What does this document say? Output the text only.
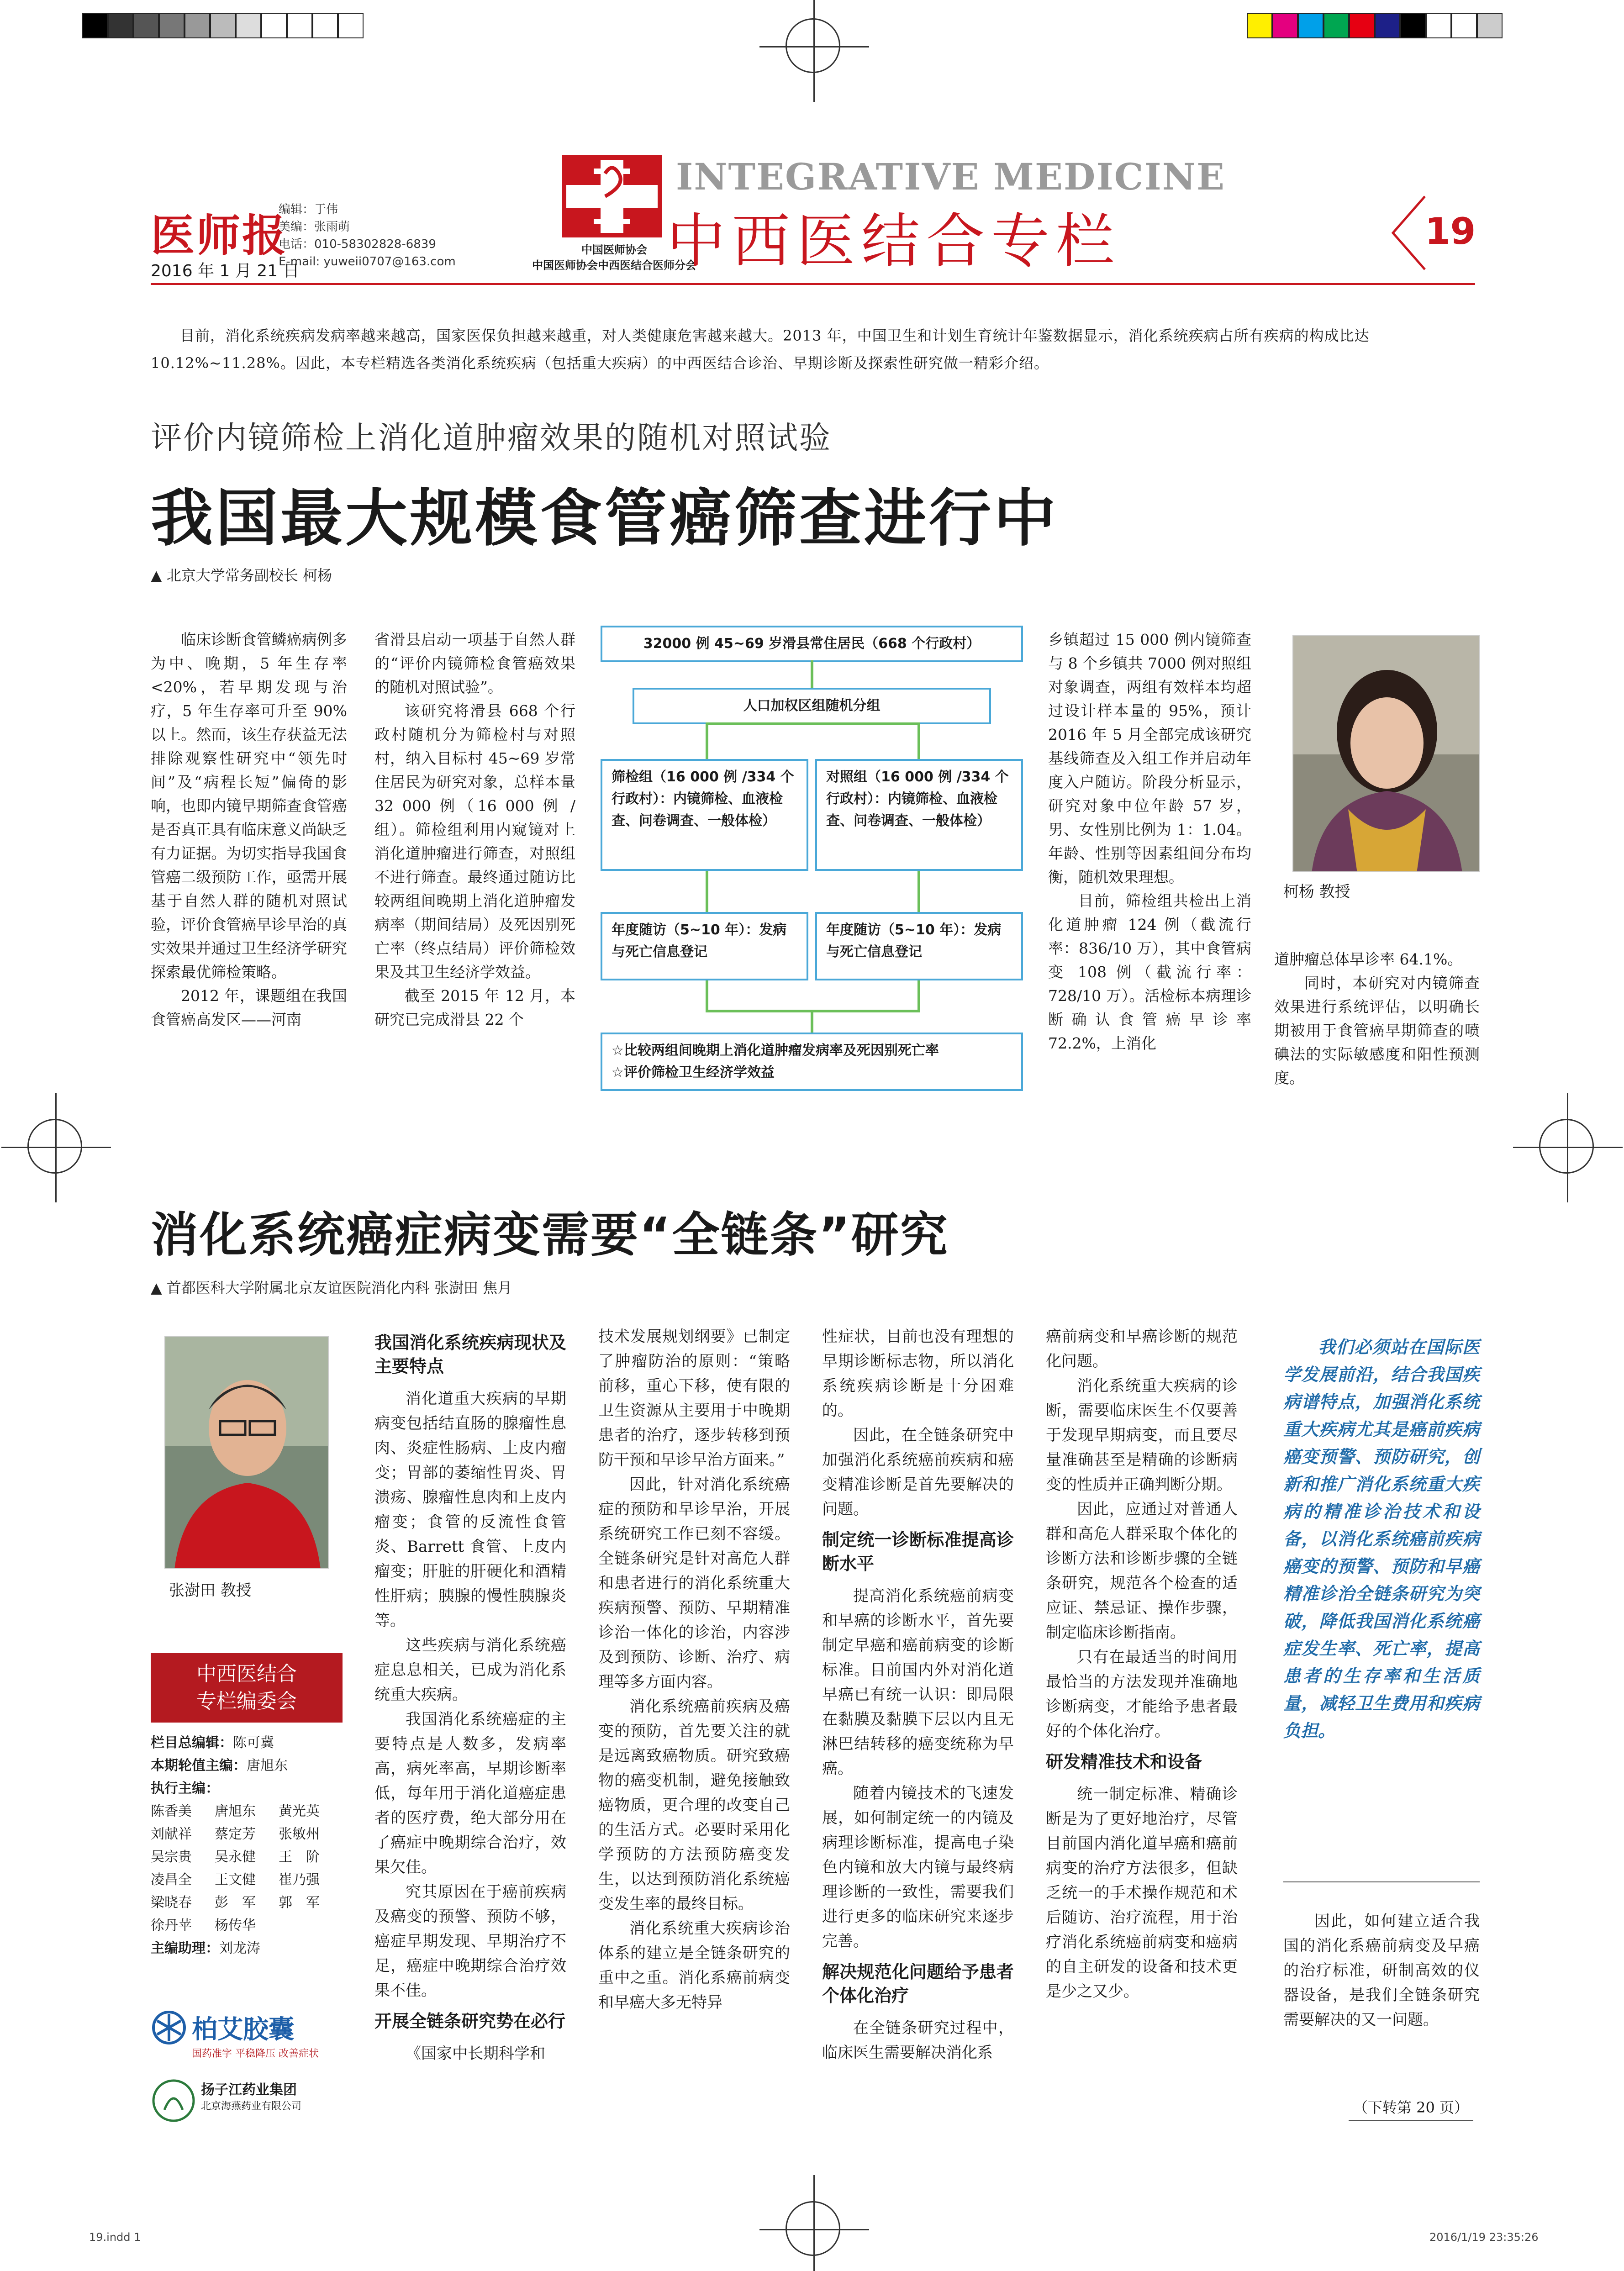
医师报
2016 年 1 月 21 日
编辑：于伟
美编：张雨萌
电话：010-58302828-6839
E-mail: yuweii0707@163.com
中国医师协会
中国医师协会中西医结合医师分会
INTEGRATIVE MEDICINE
中西医结合专栏	19
目前，消化系统疾病发病率越来越高，国家医保负担越来越重，对人类健康危害越来越大。2013 年，中国卫生和计划生育统计年鉴数据显示，消化系统疾病占所有疾病的构成比达 10.12%~11.28%。因此，本专栏精选各类消化系统疾病（包括重大疾病）的中西医结合诊治、早期诊断及探索性研究做一精彩介绍。
评价内镜筛检上消化道肿瘤效果的随机对照试验
我国最大规模食管癌筛查进行中
▲ 北京大学常务副校长 柯杨

临床诊断食管鳞癌病例多为中、晚期，5 年生存率 <20%，若早期发现与治疗，5 年生存率可升至 90% 以上。然而，该生存获益无法排除观察性研究中“领先时间”及“病程长短”偏倚的影响，也即内镜早期筛查食管癌是否真正具有临床意义尚缺乏有力证据。为切实指导我国食管癌二级预防工作，亟需开展基于自然人群的随机对照试验，评价食管癌早诊早治的真实效果并通过卫生经济学研究探索最优筛检策略。

2012 年，课题组在我国食管癌高发区——河南

省滑县启动一项基于自然人群的“评价内镜筛检食管癌效果的随机对照试验”。

该研究将滑县 668 个行政村随机分为筛检村与对照村，纳入目标村 45~69 岁常住居民为研究对象，总样本量 32 000 例（16 000 例 / 组）。筛检组利用内窥镜对上消化道肿瘤进行筛查，对照组不进行筛查。最终通过随访比较两组间晚期上消化道肿瘤发病率（期间结局）及死因别死亡率（终点结局）评价筛检效果及其卫生经济学效益。

截至 2015 年 12 月，本研究已完成滑县 22 个

32000 例 45~69 岁滑县常住居民（668 个行政村）
人口加权区组随机分组
筛检组（16 000 例 /334 个行政村）：内镜筛检、血液检查、问卷调查、一般体检）
对照组（16 000 例 /334 个行政村）：内镜筛检、血液检查、问卷调查、一般体检）
年度随访（5~10 年）：发病与死亡信息登记
年度随访（5~10 年）：发病与死亡信息登记
☆比较两组间晚期上消化道肿瘤发病率及死因别死亡率
☆评价筛检卫生经济学效益

乡镇超过 15 000 例内镜筛查与 8 个乡镇共 7000 例对照组对象调查，两组有效样本均超过设计样本量的 95%，预计 2016 年 5 月全部完成该研究基线筛查及入组工作并启动年度入户随访。阶段分析显示，研究对象中位年龄 57 岁，男、女性别比例为 1：1.04。年龄、性别等因素组间分布均衡，随机效果理想。

目前，筛检组共检出上消化道肿瘤 124 例（截流行率：836/10 万），其中食管病变 108 例（截流行率：728/10 万）。活检标本病理诊断确认食管癌早诊率 72.2%，上消化

柯杨 教授

道肿瘤总体早诊率 64.1%。

同时，本研究对内镜筛查效果进行系统评估，以明确长期被用于食管癌早期筛查的喷碘法的实际敏感度和阳性预测度。

消化系统癌症病变需要“全链条”研究
▲ 首都医科大学附属北京友谊医院消化内科 张澍田 焦月
张澍田 教授
我国消化系统疾病现状及主要特点

消化道重大疾病的早期病变包括结直肠的腺瘤性息肉、炎症性肠病、上皮内瘤变；胃部的萎缩性胃炎、胃溃疡、腺瘤性息肉和上皮内瘤变；食管的反流性食管炎、Barrett 食管、上皮内瘤变；肝脏的肝硬化和酒精性肝病；胰腺的慢性胰腺炎等。

这些疾病与消化系统癌症息息相关，已成为消化系统重大疾病。

我国消化系统癌症的主要特点是人数多，发病率高，病死率高，早期诊断率低，每年用于消化道癌症患者的医疗费，绝大部分用在了癌症中晚期综合治疗，效果欠佳。

究其原因在于癌前疾病及癌变的预警、预防不够，癌症早期发现、早期治疗不足，癌症中晚期综合治疗效果不佳。

开展全链条研究势在必行

《国家中长期科学和

技术发展规划纲要》已制定了肿瘤防治的原则：“策略前移，重心下移，使有限的卫生资源从主要用于中晚期患者的治疗，逐步转移到预防干预和早诊早治方面来。”

因此，针对消化系统癌症的预防和早诊早治，开展系统研究工作已刻不容缓。全链条研究是针对高危人群和患者进行的消化系统重大疾病预警、预防、早期精准诊治一体化的诊治，内容涉及到预防、诊断、治疗、病理等多方面内容。

消化系统癌前疾病及癌变的预防，首先要关注的就是远离致癌物质。研究致癌物的癌变机制，避免接触致癌物质，更合理的改变自己的生活方式。必要时采用化学预防的方法预防癌变发生，以达到预防消化系统癌变发生率的最终目标。

消化系统重大疾病诊治体系的建立是全链条研究的重中之重。消化系癌前病变和早癌大多无特异

性症状，目前也没有理想的早期诊断标志物，所以消化系统疾病诊断是十分困难的。

因此，在全链条研究中加强消化系统癌前疾病和癌变精准诊断是首先要解决的问题。

制定统一诊断标准提高诊断水平

提高消化系统癌前病变和早癌的诊断水平，首先要制定早癌和癌前病变的诊断标准。目前国内外对消化道早癌已有统一认识：即局限在黏膜及黏膜下层以内且无淋巴结转移的癌变统称为早癌。

随着内镜技术的飞速发展，如何制定统一的内镜及病理诊断标准，提高电子染色内镜和放大内镜与最终病理诊断的一致性，需要我们进行更多的临床研究来逐步完善。

解决规范化问题给予患者个体化治疗

在全链条研究过程中，临床医生需要解决消化系

癌前病变和早癌诊断的规范化问题。

消化系统重大疾病的诊断，需要临床医生不仅要善于发现早期病变，而且要尽量准确甚至是精确的诊断病变的性质并正确判断分期。

因此，应通过对普通人群和高危人群采取个体化的诊断方法和诊断步骤的全链条研究，规范各个检查的适应证、禁忌证、操作步骤，制定临床诊断指南。

只有在最适当的时间用最恰当的方法发现并准确地诊断病变，才能给予患者最好的个体化治疗。

研发精准技术和设备

统一制定标准、精确诊断是为了更好地治疗，尽管目前国内消化道早癌和癌前病变的治疗方法很多，但缺乏统一的手术操作规范和术后随访、治疗流程，用于治疗消化系统癌前病变和癌病的自主研发的设备和技术更是少之又少。

我们必须站在国际医学发展前沿，结合我国疾病谱特点，加强消化系统重大疾病尤其是癌前疾病癌变预警、预防研究，创新和推广消化系统重大疾病的精准诊治技术和设备，以消化系统癌前疾病癌变的预警、预防和早癌精准诊治全链条研究为突破，降低我国消化系统癌症发生率、死亡率，提高患者的生存率和生活质量，减轻卫生费用和疾病负担。

因此，如何建立适合我国的消化系癌前病变及早癌的治疗标准，研制高效的仪器设备，是我们全链条研究需要解决的又一问题。

（下转第 20 页）
中西医结合
专栏编委会
栏目总编辑：陈可冀
本期轮值主编：唐旭东
执行主编：
陈香美	唐旭东	黄光英
刘献祥	蔡定芳	张敏州
吴宗贵	吴永健	王　阶
凌昌全	王文健	崔乃强
梁晓春	彭　军	郭　军
徐丹苹	杨传华
主编助理：刘龙涛
柏艾胶囊
国药准字 平稳降压 改善症状
扬子江药业集团
北京海燕药业有限公司
19.indd 1	2016/1/19 23:35:26
